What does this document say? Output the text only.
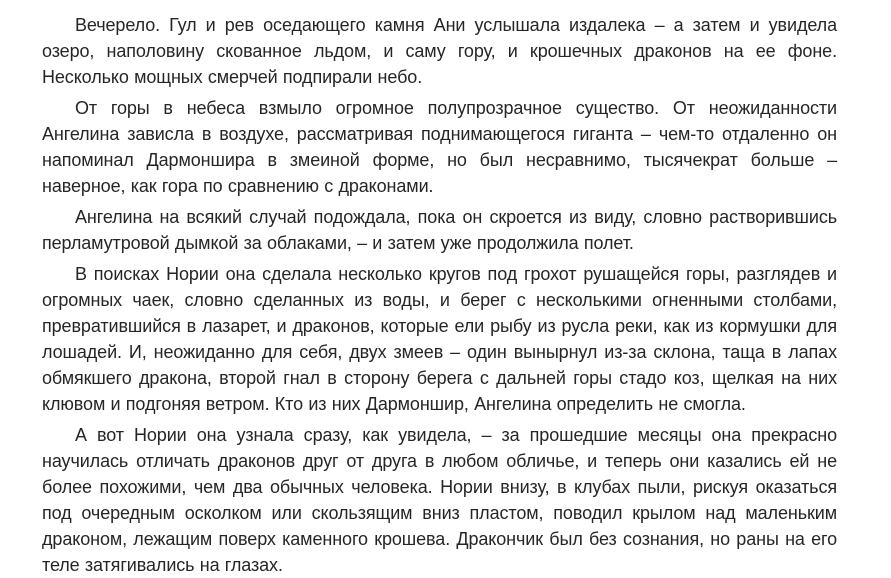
Вечерело. Гул и рев оседающего камня Ани услышала издалека – а затем и увидела озеро, наполовину скованное льдом, и саму гору, и крошечных драконов на ее фоне. Несколько мощных смерчей подпирали небо.

От горы в небеса взмыло огромное полупрозрачное существо. От неожиданности Ангелина зависла в воздухе, рассматривая поднимающегося гиганта – чем-то отдаленно он напоминал Дармоншира в змеиной форме, но был несравнимо, тысячекрат больше – наверное, как гора по сравнению с драконами.

Ангелина на всякий случай подождала, пока он скроется из виду, словно растворившись перламутровой дымкой за облаками, – и затем уже продолжила полет.

В поисках Нории она сделала несколько кругов под грохот рушащейся горы, разглядев и огромных чаек, словно сделанных из воды, и берег с несколькими огненными столбами, превратившийся в лазарет, и драконов, которые ели рыбу из русла реки, как из кормушки для лошадей. И, неожиданно для себя, двух змеев – один вынырнул из-за склона, таща в лапах обмякшего дракона, второй гнал в сторону берега с дальней горы стадо коз, щелкая на них клювом и подгоняя ветром. Кто из них Дармоншир, Ангелина определить не смогла.

А вот Нории она узнала сразу, как увидела, – за прошедшие месяцы она прекрасно научилась отличать драконов друг от друга в любом обличье, и теперь они казались ей не более похожими, чем два обычных человека. Нории внизу, в клубах пыли, рискуя оказаться под очередным осколком или скользящим вниз пластом, поводил крылом над маленьким драконом, лежащим поверх каменного крошева. Дракончик был без сознания, но раны на его теле затягивались на глазах.
